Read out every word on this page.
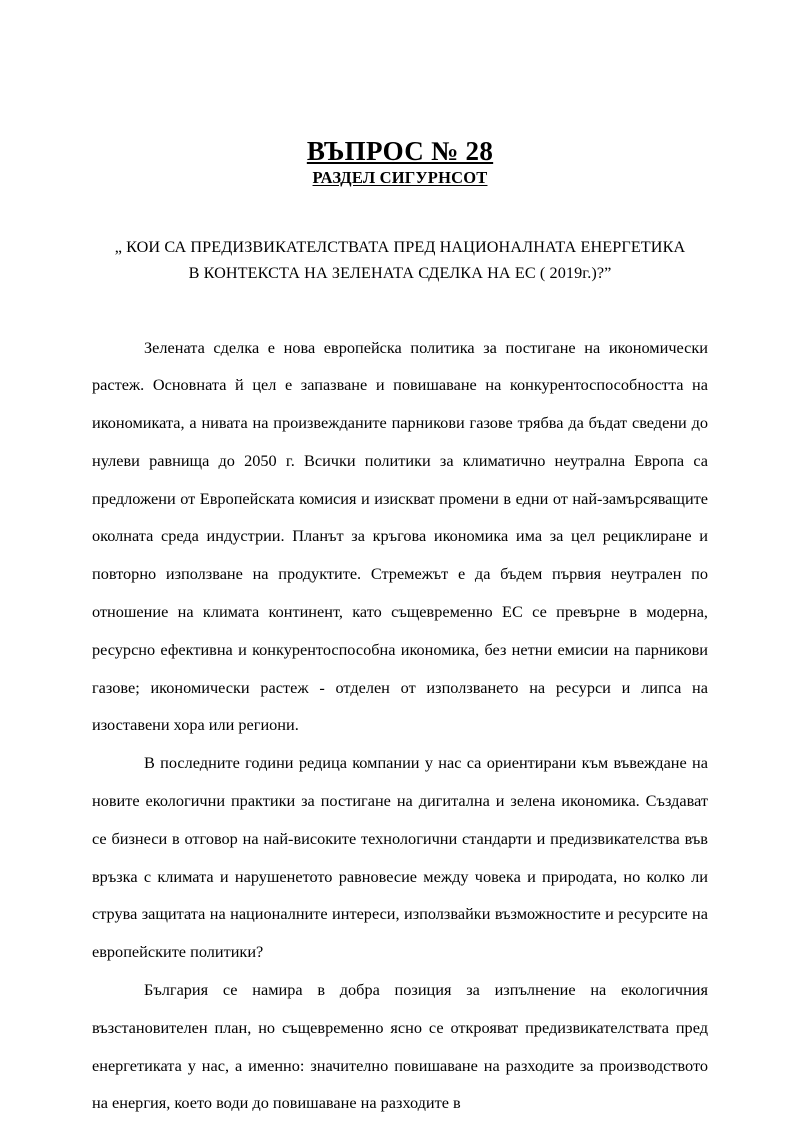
ВЪПРОС № 28
РАЗДЕЛ СИГУРНСОТ
„ КОИ СА ПРЕДИЗВИКАТЕЛСТВАТА ПРЕД НАЦИОНАЛНАТА ЕНЕРГЕТИКА
В КОНТЕКСТА НА ЗЕЛЕНАТА СДЕЛКА НА ЕС ( 2019г.)?”

Зелената сделка е нова европейска политика за постигане на икономически растеж. Основната й цел е запазване и повишаване на конкурентоспособността на икономиката, а нивата на произвежданите парникови газове трябва да бъдат сведени до нулеви равнища до 2050 г. Всички политики за климатично неутрална Европа са предложени от Европейската комисия и изискват промени в едни от най-замърсяващите околната среда индустрии. Планът за кръгова икономика има за цел рециклиране и повторно използване на продуктите. Стремежът е да бъдем първия неутрален по отношение на климата континент, като същевременно ЕС се превърне в модерна, ресурсно ефективна и конкурентоспособна икономика, без нетни емисии на парникови газове; икономически растеж - отделен от използването на ресурси и липса на изоставени хора или региони.

В последните години редица компании у нас са ориентирани към въвеждане на новите екологични практики за постигане на дигитална и зелена икономика. Създават се бизнеси в отговор на най-високите технологични стандарти и предизвикателства във връзка с климата и нарушенетото равновесие между човека и природата, но колко ли струва защитата на националните интереси, използвайки възможностите и ресурсите на европейските политики?

България се намира в добра позиция за изпълнение на екологичния възстановителен план, но същевременно ясно се открояват предизвикателствата пред енергетиката у нас, а именно: значително повишаване на разходите за производството на енергия, което води до повишаване на разходите в
